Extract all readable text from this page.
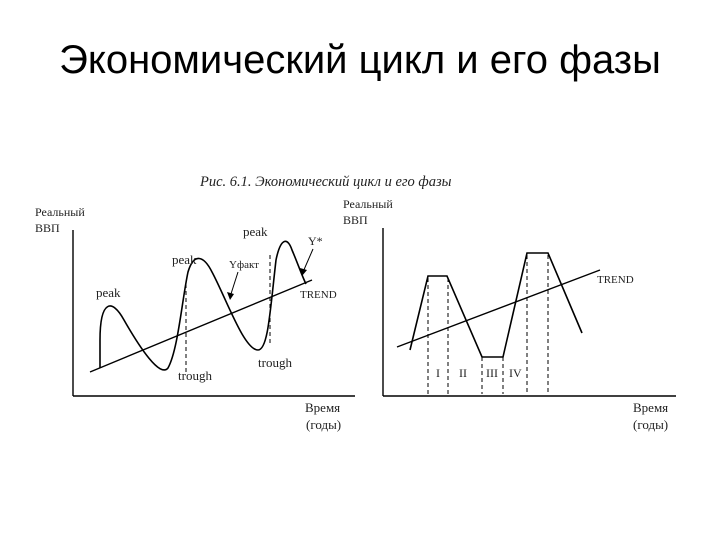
Экономический цикл и его фазы
Рис. 6.1. Экономический цикл и его фазы
Реальный
ВВП
TREND
peak
peak
peak
trough
trough
Yфакт
Y*
Время
(годы)
Реальный
ВВП
TREND
I II III IV
Время
(годы)
